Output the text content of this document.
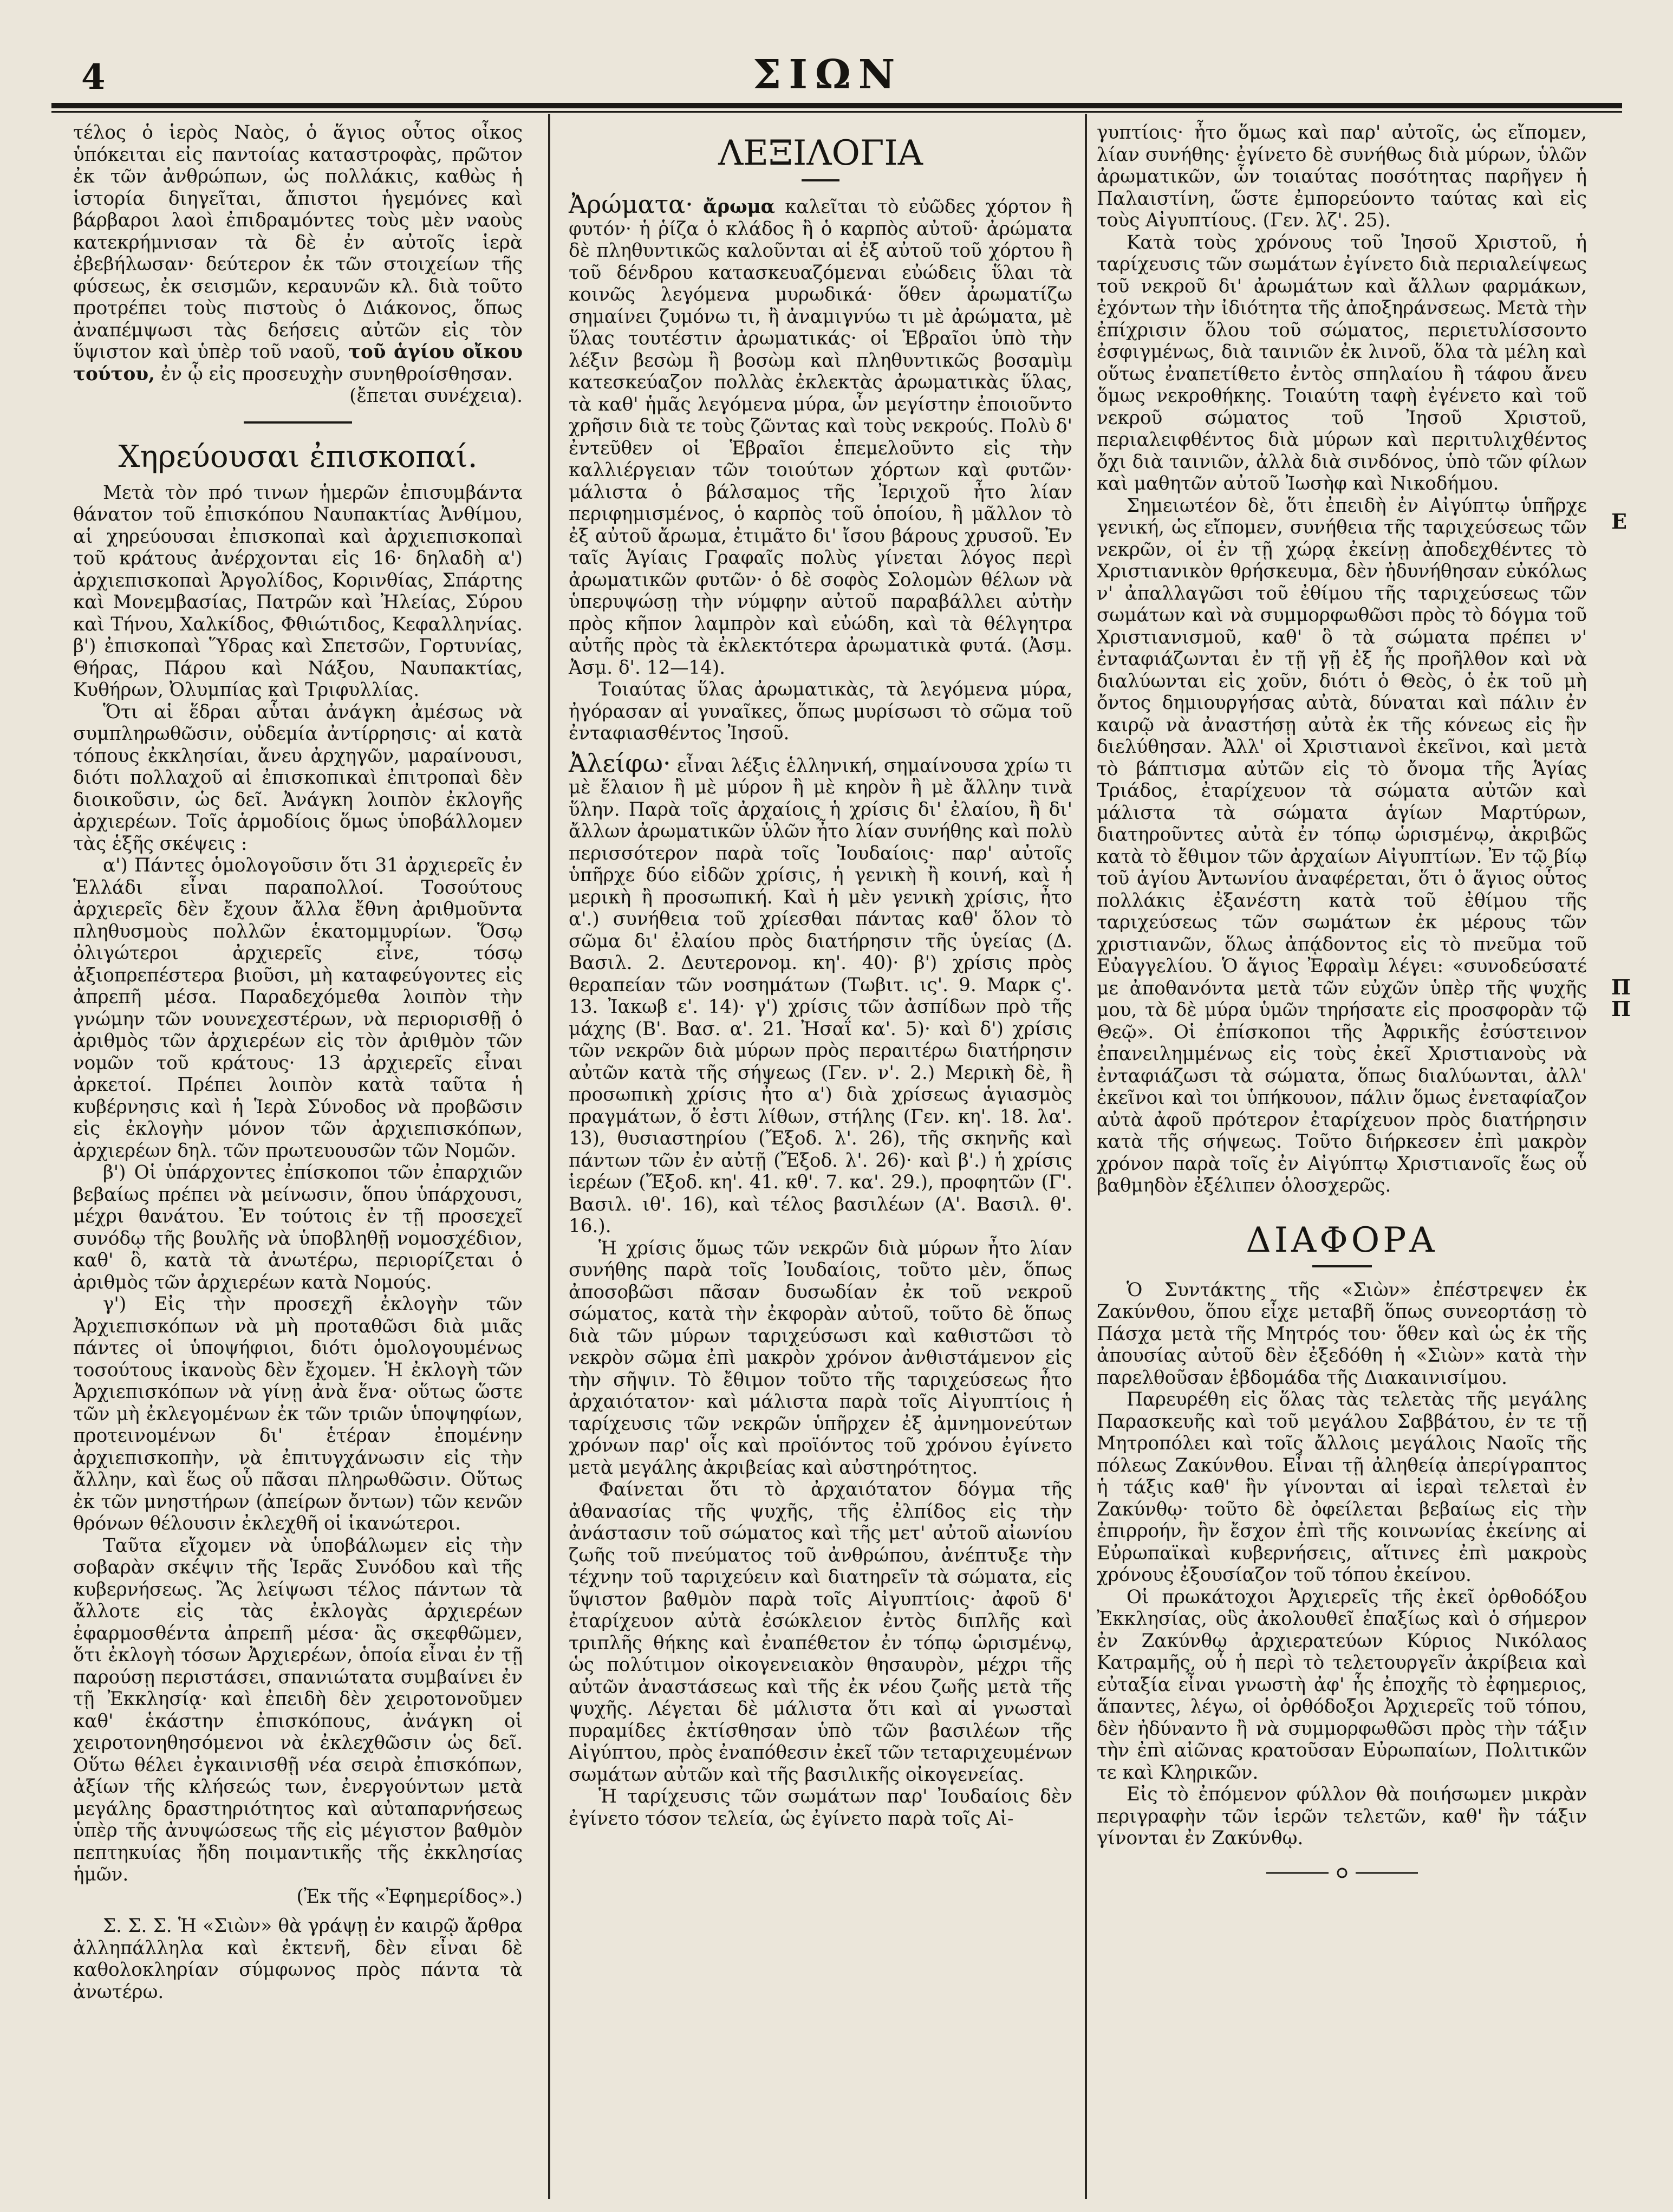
4	ΣΙΩΝ

τέλος ὁ ἱερὸς Ναὸς, ὁ ἅγιος οὗτος οἶκος ὑπόκειται εἰς παντοίας καταστροφὰς, πρῶτον ἐκ τῶν ἀνθρώπων, ὡς πολλάκις, καθὼς ἡ ἱστορία διηγεῖται, ἄπιστοι ἡγεμόνες καὶ βάρβαροι λαοὶ ἐπιδραμόντες τοὺς μὲν ναοὺς κατεκρήμνισαν τὰ δὲ ἐν αὐτοῖς ἱερὰ ἐβεβήλωσαν· δεύτερον ἐκ τῶν στοιχείων τῆς φύσεως, ἐκ σεισμῶν, κεραυνῶν κλ. διὰ τοῦτο προτρέπει τοὺς πιστοὺς ὁ Διάκονος, ὅπως ἀναπέμψωσι τὰς δεήσεις αὐτῶν εἰς τὸν ὕψιστον καὶ ὑπὲρ τοῦ ναοῦ, τοῦ ἁγίου οἴκου τούτου, ἐν ᾧ εἰς προσευχὴν συνηθροίσθησαν.

(ἔπεται συνέχεια).
Χηρεύουσαι ἐπισκοπαί.

Μετὰ τὸν πρό τινων ἡμερῶν ἐπισυμβάντα θάνατον τοῦ ἐπισκόπου Ναυπακτίας Ἀνθίμου, αἱ χηρεύουσαι ἐπισκοπαὶ καὶ ἀρχιεπισκοπαὶ τοῦ κράτους ἀνέρχονται εἰς 16· δηλαδὴ α') ἀρχιεπισκοπαὶ Ἀργολίδος, Κορινθίας, Σπάρτης καὶ Μονεμβασίας, Πατρῶν καὶ Ἠλείας, Σύρου καὶ Τήνου, Χαλκίδος, Φθιώτιδος, Κεφαλληνίας. β') ἐπισκοπαὶ Ὕδρας καὶ Σπετσῶν, Γορτυνίας, Θήρας, Πάρου καὶ Νάξου, Ναυπακτίας, Κυθήρων, Ὀλυμπίας καὶ Τριφυλλίας.

Ὅτι αἱ ἕδραι αὗται ἀνάγκη ἀμέσως νὰ συμπληρωθῶσιν, οὐδεμία ἀντίρρησις· αἱ κατὰ τόπους ἐκκλησίαι, ἄνευ ἀρχηγῶν, μαραίνουσι, διότι πολλαχοῦ αἱ ἐπισκοπικαὶ ἐπιτροπαὶ δὲν διοικοῦσιν, ὡς δεῖ. Ἀνάγκη λοιπὸν ἐκλογῆς ἀρχιερέων. Τοῖς ἁρμοδίοις ὅμως ὑποβάλλομεν τὰς ἑξῆς σκέψεις :

α') Πάντες ὁμολογοῦσιν ὅτι 31 ἀρχιερεῖς ἐν Ἑλλάδι εἶναι παραπολλοί. Τοσούτους ἀρχιερεῖς δὲν ἔχουν ἄλλα ἔθνη ἀριθμοῦντα πληθυσμοὺς πολλῶν ἑκατομμυρίων. Ὅσῳ ὀλιγώτεροι ἀρχιερεῖς εἶνε, τόσῳ ἀξιοπρεπέστερα βιοῦσι, μὴ καταφεύγοντες εἰς ἀπρεπῆ μέσα. Παραδεχόμεθα λοιπὸν τὴν γνώμην τῶν νουνεχεστέρων, νὰ περιορισθῇ ὁ ἀριθμὸς τῶν ἀρχιερέων εἰς τὸν ἀριθμὸν τῶν νομῶν τοῦ κράτους· 13 ἀρχιερεῖς εἶναι ἀρκετοί. Πρέπει λοιπὸν κατὰ ταῦτα ἡ κυβέρνησις καὶ ἡ Ἱερὰ Σύνοδος νὰ προβῶσιν εἰς ἐκλογὴν μόνον τῶν ἀρχιεπισκόπων, ἀρχιερέων δηλ. τῶν πρωτευουσῶν τῶν Νομῶν.

β') Οἱ ὑπάρχοντες ἐπίσκοποι τῶν ἐπαρχιῶν βεβαίως πρέπει νὰ μείνωσιν, ὅπου ὑπάρχουσι, μέχρι θανάτου. Ἐν τούτοις ἐν τῇ προσεχεῖ συνόδῳ τῆς βουλῆς νὰ ὑποβληθῇ νομοσχέδιον, καθ' ὃ, κατὰ τὰ ἀνωτέρω, περιορίζεται ὁ ἀριθμὸς τῶν ἀρχιερέων κατὰ Νομούς.

γ') Εἰς τὴν προσεχῆ ἐκλογὴν τῶν Ἀρχιεπισκόπων νὰ μὴ προταθῶσι διὰ μιᾶς πάντες οἱ ὑποψήφιοι, διότι ὁμολογουμένως τοσούτους ἱκανοὺς δὲν ἔχομεν. Ἡ ἐκλογὴ τῶν Ἀρχιεπισκόπων νὰ γίνῃ ἀνὰ ἕνα· οὕτως ὥστε τῶν μὴ ἐκλεγομένων ἐκ τῶν τριῶν ὑποψηφίων, προτεινομένων δι' ἑτέραν ἐπομένην ἀρχιεπισκοπὴν, νὰ ἐπιτυγχάνωσιν εἰς τὴν ἄλλην, καὶ ἕως οὗ πᾶσαι πληρωθῶσιν. Οὕτως ἐκ τῶν μνηστήρων (ἀπείρων ὄντων) τῶν κενῶν θρόνων θέλουσιν ἐκλεχθῆ οἱ ἱκανώτεροι.

Ταῦτα εἴχομεν νὰ ὑποβάλωμεν εἰς τὴν σοβαρὰν σκέψιν τῆς Ἱερᾶς Συνόδου καὶ τῆς κυβερνήσεως. Ἂς λείψωσι τέλος πάντων τὰ ἄλλοτε εἰς τὰς ἐκλογὰς ἀρχιερέων ἐφαρμοσθέντα ἀπρεπῆ μέσα· ἂς σκεφθῶμεν, ὅτι ἐκλογὴ τόσων Ἀρχιερέων, ὁποία εἶναι ἐν τῇ παρούσῃ περιστάσει, σπανιώτατα συμβαίνει ἐν τῇ Ἐκκλησίᾳ· καὶ ἐπειδὴ δὲν χειροτονοῦμεν καθ' ἑκάστην ἐπισκόπους, ἀνάγκη οἱ χειροτονηθησόμενοι νὰ ἐκλεχθῶσιν ὡς δεῖ. Οὕτω θέλει ἐγκαινισθῇ νέα σειρὰ ἐπισκόπων, ἀξίων τῆς κλήσεώς των, ἐνεργούντων μετὰ μεγάλης δραστηριότητος καὶ αὐταπαρνήσεως ὑπὲρ τῆς ἀνυψώσεως τῆς εἰς μέγιστον βαθμὸν πεπτηκυίας ἤδη ποιμαντικῆς τῆς ἐκκλησίας ἡμῶν.

(Ἐκ τῆς «Ἐφημερίδος».)

Σ. Σ. Σ. Ἡ «Σιὼν» θὰ γράψῃ ἐν καιρῷ ἄρθρα ἀλληπάλληλα καὶ ἐκτενῆ, δὲν εἶναι δὲ καθολοκληρίαν σύμφωνος πρὸς πάντα τὰ ἀνωτέρω.

ΛΕΞΙΛΟΓΙΑ

Ἀρώματα· ἄρωμα καλεῖται τὸ εὐῶδες χόρτον ἢ φυτόν· ἡ ῥίζα ὁ κλάδος ἢ ὁ καρπὸς αὐτοῦ· ἀρώματα δὲ πληθυντικῶς καλοῦνται αἱ ἐξ αὐτοῦ τοῦ χόρτου ἢ τοῦ δένδρου κατασκευαζόμεναι εὐώδεις ὕλαι τὰ κοινῶς λεγόμενα μυρωδικά· ὅθεν ἀρωματίζω σημαίνει ζυμόνω τι, ἢ ἀναμιγνύω τι μὲ ἀρώματα, μὲ ὕλας τουτέστιν ἀρωματικάς· οἱ Ἑβραῖοι ὑπὸ τὴν λέξιν βεσὼμ ἢ βοσὼμ καὶ πληθυντικῶς βοσαμὶμ κατεσκεύαζον πολλὰς ἐκλεκτὰς ἀρωματικὰς ὕλας, τὰ καθ' ἡμᾶς λεγόμενα μύρα, ὧν μεγίστην ἐποιοῦντο χρῆσιν διὰ τε τοὺς ζῶντας καὶ τοὺς νεκρούς. Πολὺ δ' ἐντεῦθεν οἱ Ἑβραῖοι ἐπεμελοῦντο εἰς τὴν καλλιέργειαν τῶν τοιούτων χόρτων καὶ φυτῶν· μάλιστα ὁ βάλσαμος τῆς Ἰεριχοῦ ἦτο λίαν περιφημισμένος, ὁ καρπὸς τοῦ ὁποίου, ἢ μᾶλλον τὸ ἐξ αὐτοῦ ἄρωμα, ἐτιμᾶτο δι' ἴσου βάρους χρυσοῦ. Ἐν ταῖς Ἁγίαις Γραφαῖς πολὺς γίνεται λόγος περὶ ἀρωματικῶν φυτῶν· ὁ δὲ σοφὸς Σολομὼν θέλων νὰ ὑπερυψώσῃ τὴν νύμφην αὐτοῦ παραβάλλει αὐτὴν πρὸς κῆπον λαμπρὸν καὶ εὐώδη, καὶ τὰ θέλγητρα αὐτῆς πρὸς τὰ ἐκλεκτότερα ἀρωματικὰ φυτά. (Ἀσμ. Ἀσμ. δ'. 12—14).

Τοιαύτας ὕλας ἀρωματικὰς, τὰ λεγόμενα μύρα, ἠγόρασαν αἱ γυναῖκες, ὅπως μυρίσωσι τὸ σῶμα τοῦ ἐνταφιασθέντος Ἰησοῦ.

Ἀλείφω· εἶναι λέξις ἑλληνική, σημαίνουσα χρίω τι μὲ ἔλαιον ἢ μὲ μύρον ἢ μὲ κηρὸν ἢ μὲ ἄλλην τινὰ ὕλην. Παρὰ τοῖς ἀρχαίοις ἡ χρίσις δι' ἐλαίου, ἢ δι' ἄλλων ἀρωματικῶν ὑλῶν ἦτο λίαν συνήθης καὶ πολὺ περισσότερον παρὰ τοῖς Ἰουδαίοις· παρ' αὐτοῖς ὑπῆρχε δύο εἰδῶν χρίσις, ἡ γενικὴ ἢ κοινή, καὶ ἡ μερικὴ ἢ προσωπική. Καὶ ἡ μὲν γενικὴ χρίσις, ἦτο α'.) συνήθεια τοῦ χρίεσθαι πάντας καθ' ὅλον τὸ σῶμα δι' ἐλαίου πρὸς διατήρησιν τῆς ὑγείας (Δ. Βασιλ. 2. Δευτερονομ. κη'. 40)· β') χρίσις πρὸς θεραπείαν τῶν νοσημάτων (Τωβιτ. ις'. 9. Μαρκ ς'. 13. Ἰακωβ ε'. 14)· γ') χρίσις τῶν ἀσπίδων πρὸ τῆς μάχης (Β'. Βασ. α'. 21. Ἠσαΐ κα'. 5)· καὶ δ') χρίσις τῶν νεκρῶν διὰ μύρων πρὸς περαιτέρω διατήρησιν αὐτῶν κατὰ τῆς σήψεως (Γεν. ν'. 2.) Μερικὴ δὲ, ἢ προσωπικὴ χρίσις ἦτο α') διὰ χρίσεως ἁγιασμὸς πραγμάτων, ὅ ἐστι λίθων, στήλης (Γεν. κη'. 18. λα'. 13), θυσιαστηρίου (Ἔξοδ. λ'. 26), τῆς σκηνῆς καὶ πάντων τῶν ἐν αὐτῇ (Ἔξοδ. λ'. 26)· καὶ β'.) ἡ χρίσις ἱερέων (Ἔξοδ. κη'. 41. κθ'. 7. κα'. 29.), προφητῶν (Γ'. Βασιλ. ιθ'. 16), καὶ τέλος βασιλέων (Α'. Βασιλ. θ'. 16.).

Ἡ χρίσις ὅμως τῶν νεκρῶν διὰ μύρων ἦτο λίαν συνήθης παρὰ τοῖς Ἰουδαίοις, τοῦτο μὲν, ὅπως ἀποσοβῶσι πᾶσαν δυσωδίαν ἐκ τοῦ νεκροῦ σώματος, κατὰ τὴν ἐκφορὰν αὐτοῦ, τοῦτο δὲ ὅπως διὰ τῶν μύρων ταριχεύσωσι καὶ καθιστῶσι τὸ νεκρὸν σῶμα ἐπὶ μακρὸν χρόνον ἀνθιστάμενον εἰς τὴν σῆψιν. Τὸ ἔθιμον τοῦτο τῆς ταριχεύσεως ἦτο ἀρχαιότατον· καὶ μάλιστα παρὰ τοῖς Αἰγυπτίοις ἡ ταρίχευσις τῶν νεκρῶν ὑπῆρχεν ἐξ ἀμνημονεύτων χρόνων παρ' οἷς καὶ προϊόντος τοῦ χρόνου ἐγίνετο μετὰ μεγάλης ἀκριβείας καὶ αὐστηρότητος.

Φαίνεται ὅτι τὸ ἀρχαιότατον δόγμα τῆς ἀθανασίας τῆς ψυχῆς, τῆς ἐλπίδος εἰς τὴν ἀνάστασιν τοῦ σώματος καὶ τῆς μετ' αὐτοῦ αἰωνίου ζωῆς τοῦ πνεύματος τοῦ ἀνθρώπου, ἀνέπτυξε τὴν τέχνην τοῦ ταριχεύειν καὶ διατηρεῖν τὰ σώματα, εἰς ὕψιστον βαθμὸν παρὰ τοῖς Αἰγυπτίοις· ἀφοῦ δ' ἐταρίχευον αὐτὰ ἐσώκλειον ἐντὸς διπλῆς καὶ τριπλῆς θήκης καὶ ἐναπέθετον ἐν τόπῳ ὡρισμένῳ, ὡς πολύτιμον οἰκογενειακὸν θησαυρὸν, μέχρι τῆς αὐτῶν ἀναστάσεως καὶ τῆς ἐκ νέου ζωῆς μετὰ τῆς ψυχῆς. Λέγεται δὲ μάλιστα ὅτι καὶ αἱ γνωσταὶ πυραμίδες ἐκτίσθησαν ὑπὸ τῶν βασιλέων τῆς Αἰγύπτου, πρὸς ἐναπόθεσιν ἐκεῖ τῶν τεταριχευμένων σωμάτων αὐτῶν καὶ τῆς βασιλικῆς οἰκογενείας.

Ἡ ταρίχευσις τῶν σωμάτων παρ' Ἰουδαίοις δὲν ἐγίνετο τόσον τελεία, ὡς ἐγίνετο παρὰ τοῖς Αἰ-

γυπτίοις· ἦτο ὅμως καὶ παρ' αὐτοῖς, ὡς εἴπομεν, λίαν συνήθης· ἐγίνετο δὲ συνήθως διὰ μύρων, ὑλῶν ἀρωματικῶν, ὧν τοιαύτας ποσότητας παρῆγεν ἡ Παλαιστίνη, ὥστε ἐμπορεύοντο ταύτας καὶ εἰς τοὺς Αἰγυπτίους. (Γεν. λζ'. 25).

Κατὰ τοὺς χρόνους τοῦ Ἰησοῦ Χριστοῦ, ἡ ταρίχευσις τῶν σωμάτων ἐγίνετο διὰ περιαλείψεως τοῦ νεκροῦ δι' ἀρωμάτων καὶ ἄλλων φαρμάκων, ἐχόντων τὴν ἰδιότητα τῆς ἀποξηράνσεως. Μετὰ τὴν ἐπίχρισιν ὅλου τοῦ σώματος, περιετυλίσσοντο ἐσφιγμένως, διὰ ταινιῶν ἐκ λινοῦ, ὅλα τὰ μέλη καὶ οὕτως ἐναπετίθετο ἐντὸς σπηλαίου ἢ τάφου ἄνευ ὅμως νεκροθήκης. Τοιαύτη ταφὴ ἐγένετο καὶ τοῦ νεκροῦ σώματος τοῦ Ἰησοῦ Χριστοῦ, περιαλειφθέντος διὰ μύρων καὶ περιτυλιχθέντος ὄχι διὰ ταινιῶν, ἀλλὰ διὰ σινδόνος, ὑπὸ τῶν φίλων καὶ μαθητῶν αὐτοῦ Ἰωσὴφ καὶ Νικοδήμου.

Σημειωτέον δὲ, ὅτι ἐπειδὴ ἐν Αἰγύπτῳ ὑπῆρχε γενική, ὡς εἴπομεν, συνήθεια τῆς ταριχεύσεως τῶν νεκρῶν, οἱ ἐν τῇ χώρᾳ ἐκείνῃ ἀποδεχθέντες τὸ Χριστιανικὸν θρήσκευμα, δὲν ἠδυνήθησαν εὐκόλως ν' ἀπαλλαγῶσι τοῦ ἐθίμου τῆς ταριχεύσεως τῶν σωμάτων καὶ νὰ συμμορφωθῶσι πρὸς τὸ δόγμα τοῦ Χριστιανισμοῦ, καθ' ὃ τὰ σώματα πρέπει ν' ἐνταφιάζωνται ἐν τῇ γῇ ἐξ ἧς προῆλθον καὶ νὰ διαλύωνται εἰς χοῦν, διότι ὁ Θεὸς, ὁ ἐκ τοῦ μὴ ὄντος δημιουργήσας αὐτὰ, δύναται καὶ πάλιν ἐν καιρῷ νὰ ἀναστήσῃ αὐτὰ ἐκ τῆς κόνεως εἰς ἣν διελύθησαν. Ἀλλ' οἱ Χριστιανοὶ ἐκεῖνοι, καὶ μετὰ τὸ βάπτισμα αὐτῶν εἰς τὸ ὄνομα τῆς Ἁγίας Τριάδος, ἐταρίχευον τὰ σώματα αὐτῶν καὶ μάλιστα τὰ σώματα ἁγίων Μαρτύρων, διατηροῦντες αὐτὰ ἐν τόπῳ ὡρισμένῳ, ἀκριβῶς κατὰ τὸ ἔθιμον τῶν ἀρχαίων Αἰγυπτίων. Ἐν τῷ βίῳ τοῦ ἁγίου Ἀντωνίου ἀναφέρεται, ὅτι ὁ ἅγιος οὗτος πολλάκις ἐξανέστη κατὰ τοῦ ἐθίμου τῆς ταριχεύσεως τῶν σωμάτων ἐκ μέρους τῶν χριστιανῶν, ὅλως ἀπᾴδοντος εἰς τὸ πνεῦμα τοῦ Εὐαγγελίου. Ὁ ἅγιος Ἐφραὶμ λέγει: «συνοδεύσατέ με ἀποθανόντα μετὰ τῶν εὐχῶν ὑπὲρ τῆς ψυχῆς μου, τὰ δὲ μύρα ὑμῶν τηρήσατε εἰς προσφορὰν τῷ Θεῷ». Οἱ ἐπίσκοποι τῆς Ἀφρικῆς ἐσύστεινον ἐπανειλημμένως εἰς τοὺς ἐκεῖ Χριστιανοὺς νὰ ἐνταφιάζωσι τὰ σώματα, ὅπως διαλύωνται, ἀλλ' ἐκεῖνοι καὶ τοι ὑπήκουον, πάλιν ὅμως ἐνεταφίαζον αὐτὰ ἀφοῦ πρότερον ἐταρίχευον πρὸς διατήρησιν κατὰ τῆς σήψεως. Τοῦτο διήρκεσεν ἐπὶ μακρὸν χρόνον παρὰ τοῖς ἐν Αἰγύπτῳ Χριστιανοῖς ἕως οὗ βαθμηδὸν ἐξέλιπεν ὁλοσχερῶς.

ΔΙΑΦΟΡΑ

Ὁ Συντάκτης τῆς «Σιὼν» ἐπέστρεψεν ἐκ Ζακύνθου, ὅπου εἶχε μεταβῆ ὅπως συνεορτάσῃ τὸ Πάσχα μετὰ τῆς Μητρός του· ὅθεν καὶ ὡς ἐκ τῆς ἀπουσίας αὐτοῦ δὲν ἐξεδόθη ἡ «Σιὼν» κατὰ τὴν παρελθοῦσαν ἑβδομάδα τῆς Διακαινισίμου.

Παρευρέθη εἰς ὅλας τὰς τελετὰς τῆς μεγάλης Παρασκευῆς καὶ τοῦ μεγάλου Σαββάτου, ἐν τε τῇ Μητροπόλει καὶ τοῖς ἄλλοις μεγάλοις Ναοῖς τῆς πόλεως Ζακύνθου. Εἶναι τῇ ἀληθείᾳ ἀπερίγραπτος ἡ τάξις καθ' ἣν γίνονται αἱ ἱεραὶ τελεταὶ ἐν Ζακύνθῳ· τοῦτο δὲ ὀφείλεται βεβαίως εἰς τὴν ἐπιρροήν, ἣν ἔσχον ἐπὶ τῆς κοινωνίας ἐκείνης αἱ Εὐρωπαϊκαὶ κυβερνήσεις, αἵτινες ἐπὶ μακροὺς χρόνους ἐξουσίαζον τοῦ τόπου ἐκείνου.

Οἱ πρωκάτοχοι Ἀρχιερεῖς τῆς ἐκεῖ ὀρθοδόξου Ἐκκλησίας, οὓς ἀκολουθεῖ ἐπαξίως καὶ ὁ σήμερον ἐν Ζακύνθῳ ἀρχιερατεύων Κύριος Νικόλαος Κατραμῆς, οὗ ἡ περὶ τὸ τελετουργεῖν ἀκρίβεια καὶ εὐταξία εἶναι γνωστὴ ἀφ' ἧς ἐποχῆς τὸ ἐφημεριος, ἅπαντες, λέγω, οἱ ὀρθόδοξοι Ἀρχιερεῖς τοῦ τόπου, δὲν ἠδύναντο ἢ νὰ συμμορφωθῶσι πρὸς τὴν τάξιν τὴν ἐπὶ αἰῶνας κρατοῦσαν Εὐρωπαίων, Πολιτικῶν τε καὶ Κληρικῶν.

Εἰς τὸ ἐπόμενον φύλλον θὰ ποιήσωμεν μικρὰν περιγραφὴν τῶν ἱερῶν τελετῶν, καθ' ἣν τάξιν γίνονται ἐν Ζακύνθῳ.

E
Π
Π
